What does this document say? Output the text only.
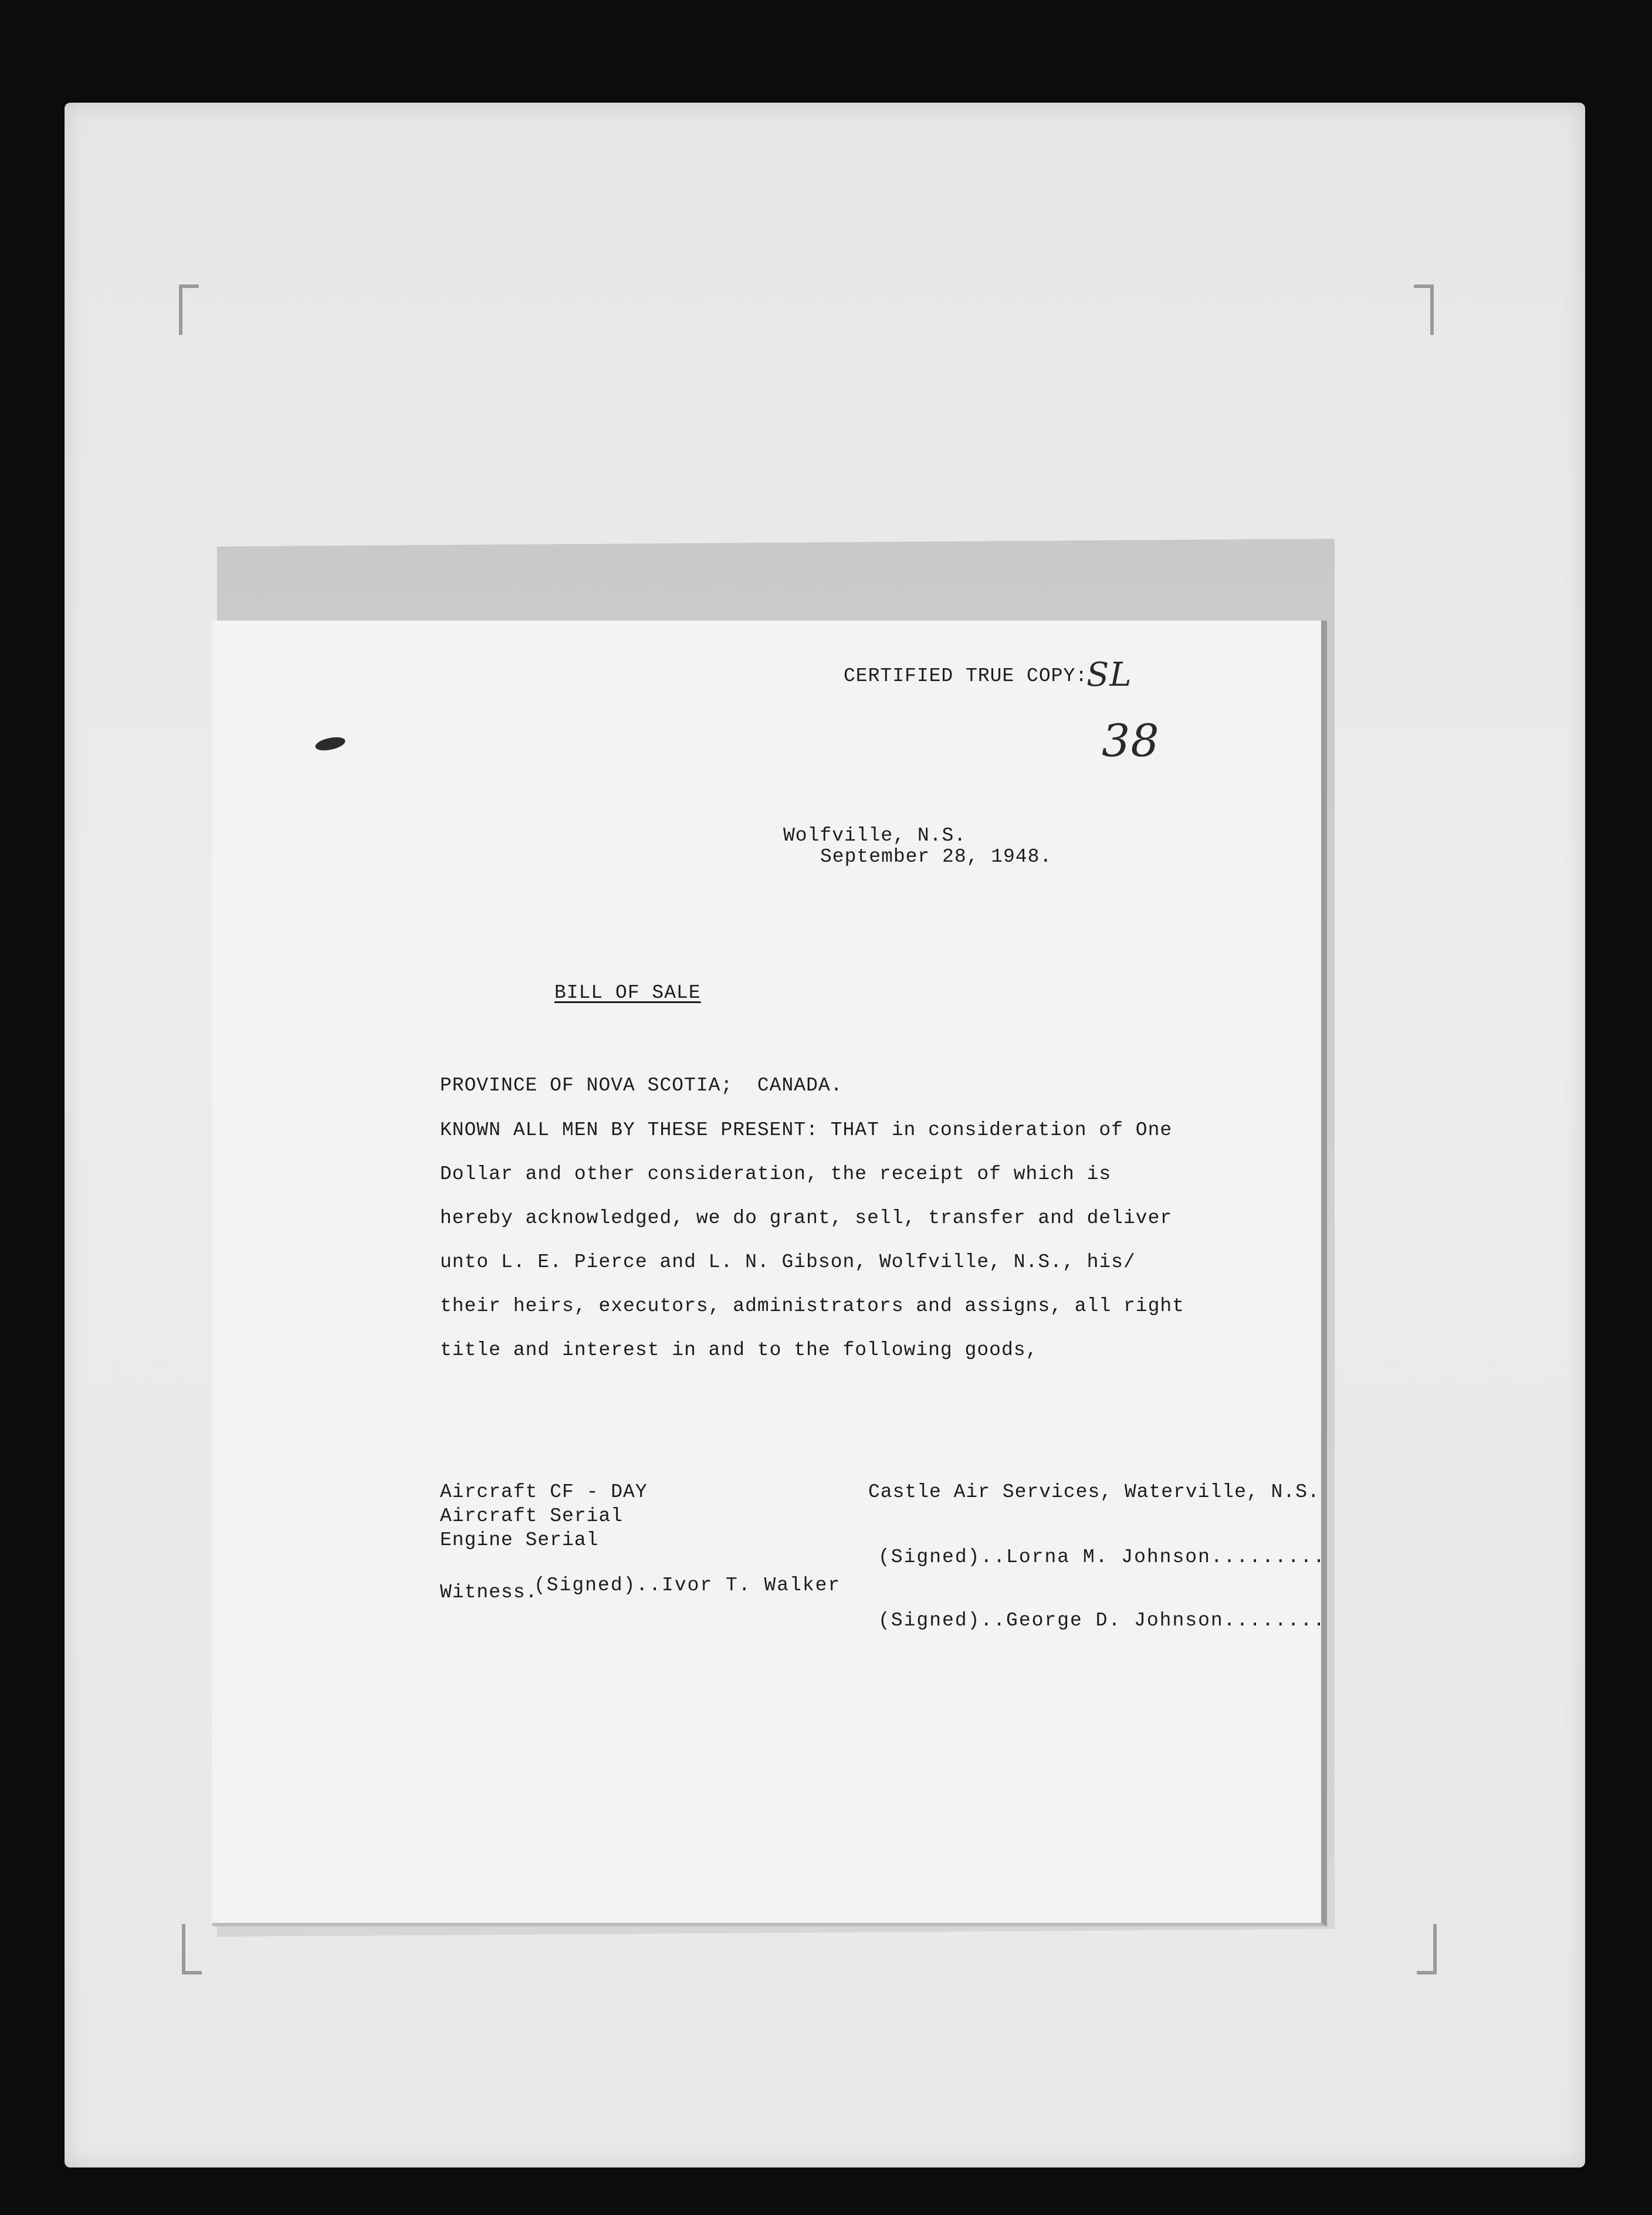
CERTIFIED TRUE COPY:
SL
38
Wolfville, N.S.
September 28, 1948.
BILL OF SALE
PROVINCE OF NOVA SCOTIA;  CANADA.
KNOWN ALL MEN BY THESE PRESENT: THAT in consideration of One
Dollar and other consideration, the receipt of which is
hereby acknowledged, we do grant, sell, transfer and deliver
unto L. E. Pierce and L. N. Gibson, Wolfville, N.S., his/
their heirs, executors, administrators and assigns, all right
title and interest in and to the following goods,
Aircraft CF - DAY
Aircraft Serial
Engine Serial
Witness.
(Signed)..Ivor T. Walker
Castle Air Services, Waterville, N.S.
(Signed)..Lorna M. Johnson.........
(Signed)..George D. Johnson........
